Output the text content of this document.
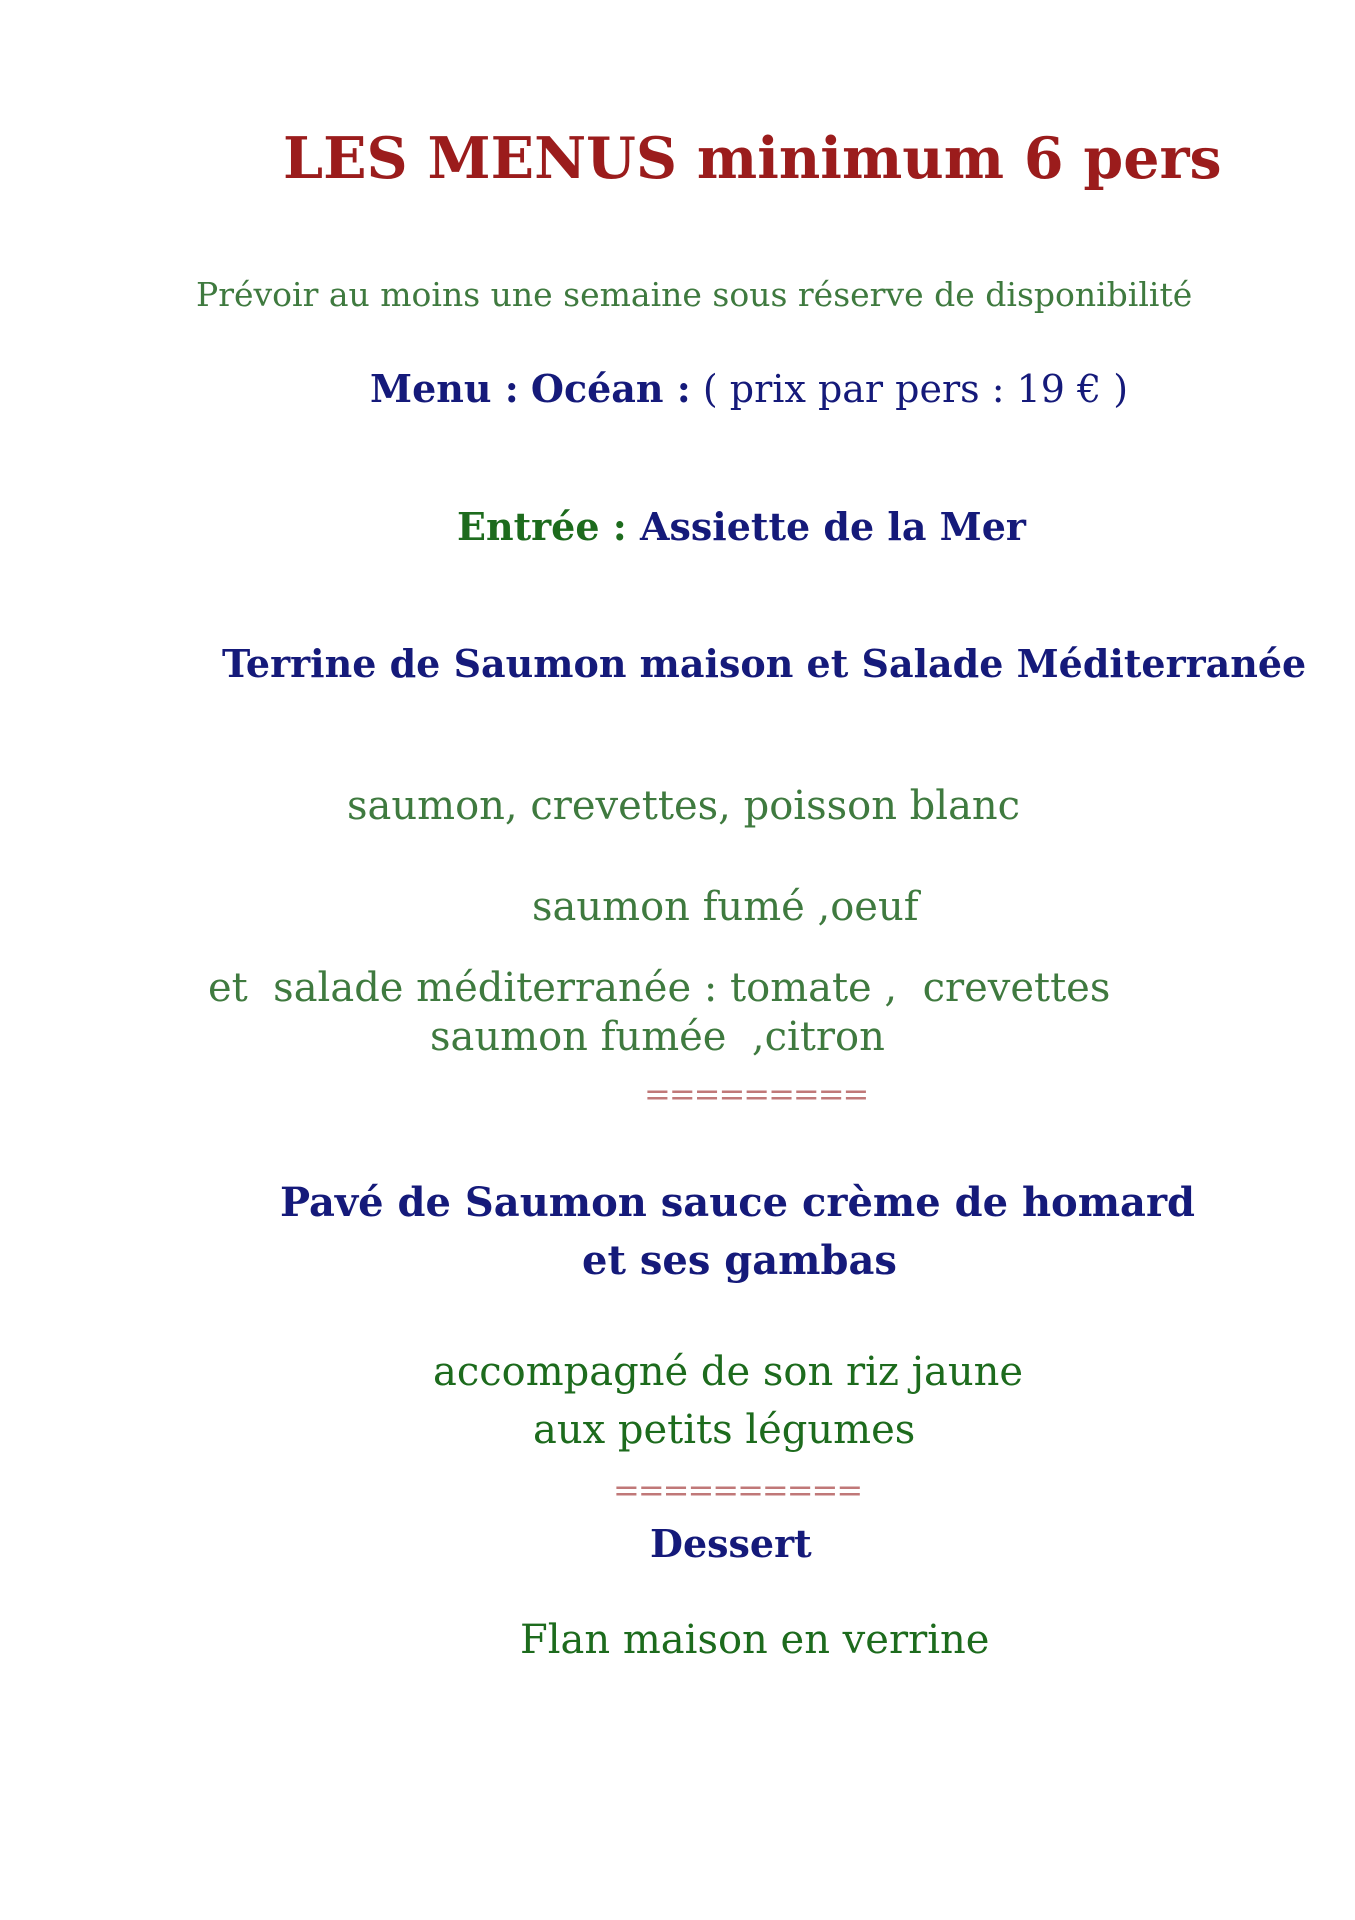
LES MENUS minimum 6 pers

Prévoir au moins une semaine sous réserve de disponibilité

Menu : Océan : ( prix par pers : 19 € )

Entrée : Assiette de la Mer

Terrine de Saumon maison et Salade Méditerranée

saumon, crevettes, poisson blanc

saumon fumé ,oeuf

et  salade méditerranée : tomate ,  crevettes

saumon fumée  ,citron

=========

Pavé de Saumon sauce crème de homard

et ses gambas

accompagné de son riz jaune

aux petits légumes

==========

Dessert

Flan maison en verrine
